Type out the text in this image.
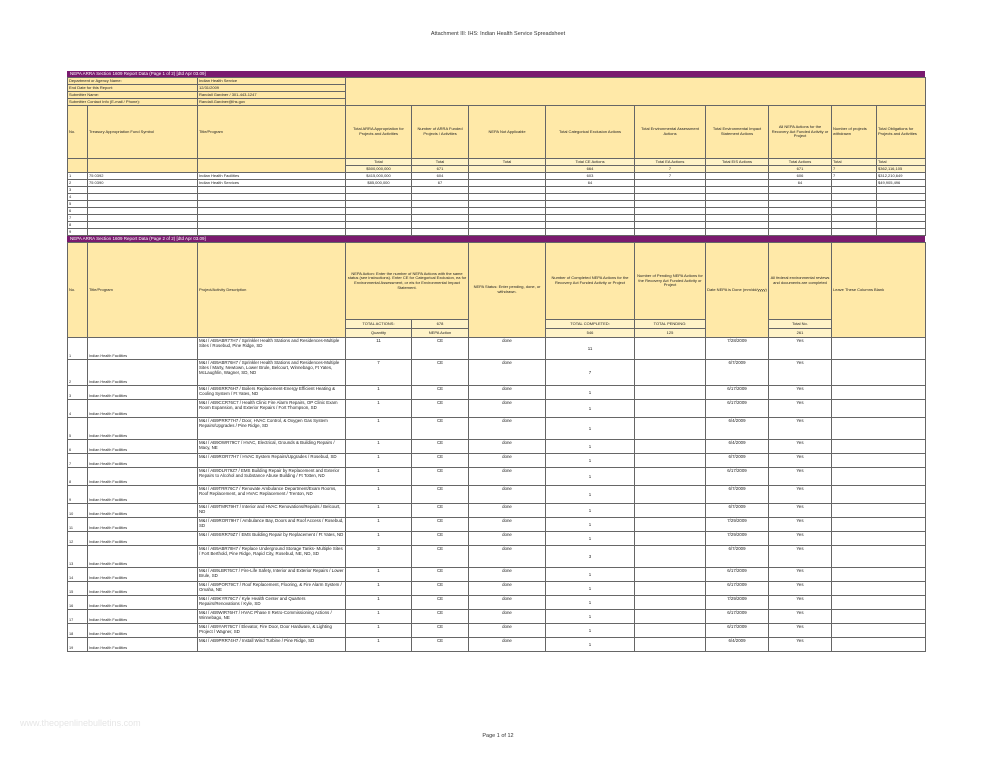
Attachment III: IHS: Indian Health Service Spreadsheet
NEPA ARRA Section 1609 Report Data (Page 1 of 2) [dtd Apr 03.09]
Department or Agency Name:		Indian Health Service									
End Date for this Report:		12/31/2009									
Submitter Name:		Randall Gardner / 301-443-1247									
Submitter Contact Info (E-mail / Phone):		Randall.Gardner@ihs.gov									
No.	Treasury Appropriation Fund Symbol	Title/Program	Total ARRA Appropriation for Projects and Activities	Number of ARRA Funded Projects / Activities	NEPA Not Applicable	Total Categorical Exclusion Actions	Total Environmental Assessment Actions	Total Environmental Impact Statement Actions	All NEPA Actions for the Recovery Act Funded Activity or Project	Number of projects withdrawn	Total Obligations for Projects and Activities
			Total	Total	Total	Total CE Actions	Total EA Actions	Total EIS Actions	Total Actions	Total	Total
			$500,000,000	671		664	7		671	7	$362,116,105
1	75 0392	Indian Health Facilities	$415,000,000	604		603	7		606	7	$312,210,649
2	75 0390	Indian Health Services	$85,000,000	67		64			64		$49,905,496
3											
4											
5											
6											
7											
8											
9											
NEPA ARRA Section 1609 Report Data (Page 2 of 2) [dtd Apr 03.09]
No.	Title/Program	Project/Activity Description	NEPA Action: Enter the number of NEPA Actions with the same status (see instructions). Enter CE for Categorical Exclusion, ea for Environmental Assessment, or eis for Environmental Impact Statement.		NEPA Status: Enter pending, done, or withdrawn.	Number of Completed NEPA Actions for the Recovery Act Funded Activity or Project	Number of Pending NEPA Actions for the Recovery Act Funded Activity or Project	Date NEPA is Done (mm/dd/yyyy)	All federal environmental reviews and documents are completed	Leave These Columns Blank
			TOTAL ACTIONS:	678		TOTAL COMPLETED:	TOTAL PENDING:		Total No.	
			Quantity	NEPA Action		546	125		261	
1	Indian Health Facilities	M&I / AB9ABR77H7 / Sprinkler Health Stations and Residences-Multiple Sites / Rosebud, Pine Ridge, SD	11	CE	done	11		7/28/2009	Yes	
2	Indian Health Facilities	M&I / AB9ABR76H7 / Sprinkler Health Stations and Residences-Multiple Sites / Marty, Newtown, Lower Brule, Belcourt, Winnebago, Ft Yates, McLaughlin, Wagner, SD, ND	7	CE	done	7		6/7/2009	Yes	
3	Indian Health Facilities	M&I / AB9SRR76H7 / Boilers Replacement-Energy Efficient Heating & Cooling System / Ft Yates, ND	1	CE	done	1		6/17/2009	Yes	
4	Indian Health Facilities	M&I / AB9CCR76C7 / Health Clinic Fire Alarm Repairs, OP Clinic Exam Room Expansion, and Exterior Repairs / Fort Thompson, SD	1	CE	done	1		6/17/2009	Yes	
5	Indian Health Facilities	M&I / AB9PRR77H7 / Door, HVAC Control, & Oxygen Gas System Repairs/Upgrades / Pine Ridge, SD	1	CE	done	1		6/4/2009	Yes	
6	Indian Health Facilities	M&I / AB9OWR79C7 / HVAC, Electrical, Grounds & Building Repairs / Macy, NE	1	CE	done	1		6/4/2009	Yes	
7	Indian Health Facilities	M&I / AB9ROR77H7 / HVAC System Repairs/Upgrades / Rosebud, SD	1	CE	done	1		6/7/2009	Yes	
8	Indian Health Facilities	M&I / AB9DLR79Z7 / EMS Building Repair by Replacement and Exterior Repairs to Alcohol and Substance Abuse Building / Ft Totten, ND	1	CE	done	1		6/17/2009	Yes	
9	Indian Health Facilities	M&I / AB9TRR76C7 / Renovate Ambulance Department/Exam Rooms, Roof Replacement, and HVAC Replacement / Trenton, ND	1	CE	done	1		6/7/2009	Yes	
10	Indian Health Facilities	M&I / AB9TMR79H7 / Interior and HVAC Renovations/Repairs / Belcourt, ND	1	CE	done	1		6/7/2009	Yes	
11	Indian Health Facilities	M&I / AB9ROR79H7 / Ambulance Bay, Doors and Roof Access / Rosebud, SD	1	CE	done	1		7/29/2009	Yes	
12	Indian Health Facilities	M&I / AB9SRR79Z7 / EMS Building Repair by Replacement / Ft Yates, ND	1	CE	done	1		7/29/2009	Yes	
13	Indian Health Facilities	M&I / AB9ABR78H7 / Replace Underground Storage Tanks- Multiple Sites / Fort Berthold, Pine Ridge, Rapid City, Rosebud, NE, ND, SD	3	CE	done	3		6/7/2009	Yes	
14	Indian Health Facilities	M&I / AB9LBR76C7 / Fire-Life Safety, Interior and Exterior Repairs / Lower Brule, SD	1	CE	done	1		6/17/2009	Yes	
15	Indian Health Facilities	M&I / AB9POR79C7 / Roof Replacement, Flooring, & Fire Alarm System / Omaha, NE	1	CE	done	1		6/17/2009	Yes	
16	Indian Health Facilities	M&I / AB9KYR76C7 / Kyle Health Center and Quarters Repairs/Renovations / Kyle, SD	1	CE	done	1		7/29/2009	Yes	
17	Indian Health Facilities	M&I / AB9WIR76H7 / HVAC Phase II Retro-Commissioning Actions / Winnebago, NE	1	CE	done	1		6/17/2009	Yes	
18	Indian Health Facilities	M&I / AB9YAR76C7 / Elevator, Fire Door, Door Hardware, & Lighting Project / Wagner, SD	1	CE	done	1		6/17/2009	Yes	
19	Indian Health Facilities	M&I / AB9PRR74H7 / Install Wind Turbine / Pine Ridge, SD	1	CE	done	1		6/4/2009	Yes	
www.theopenlinebulletins.com
Page 1 of 12
